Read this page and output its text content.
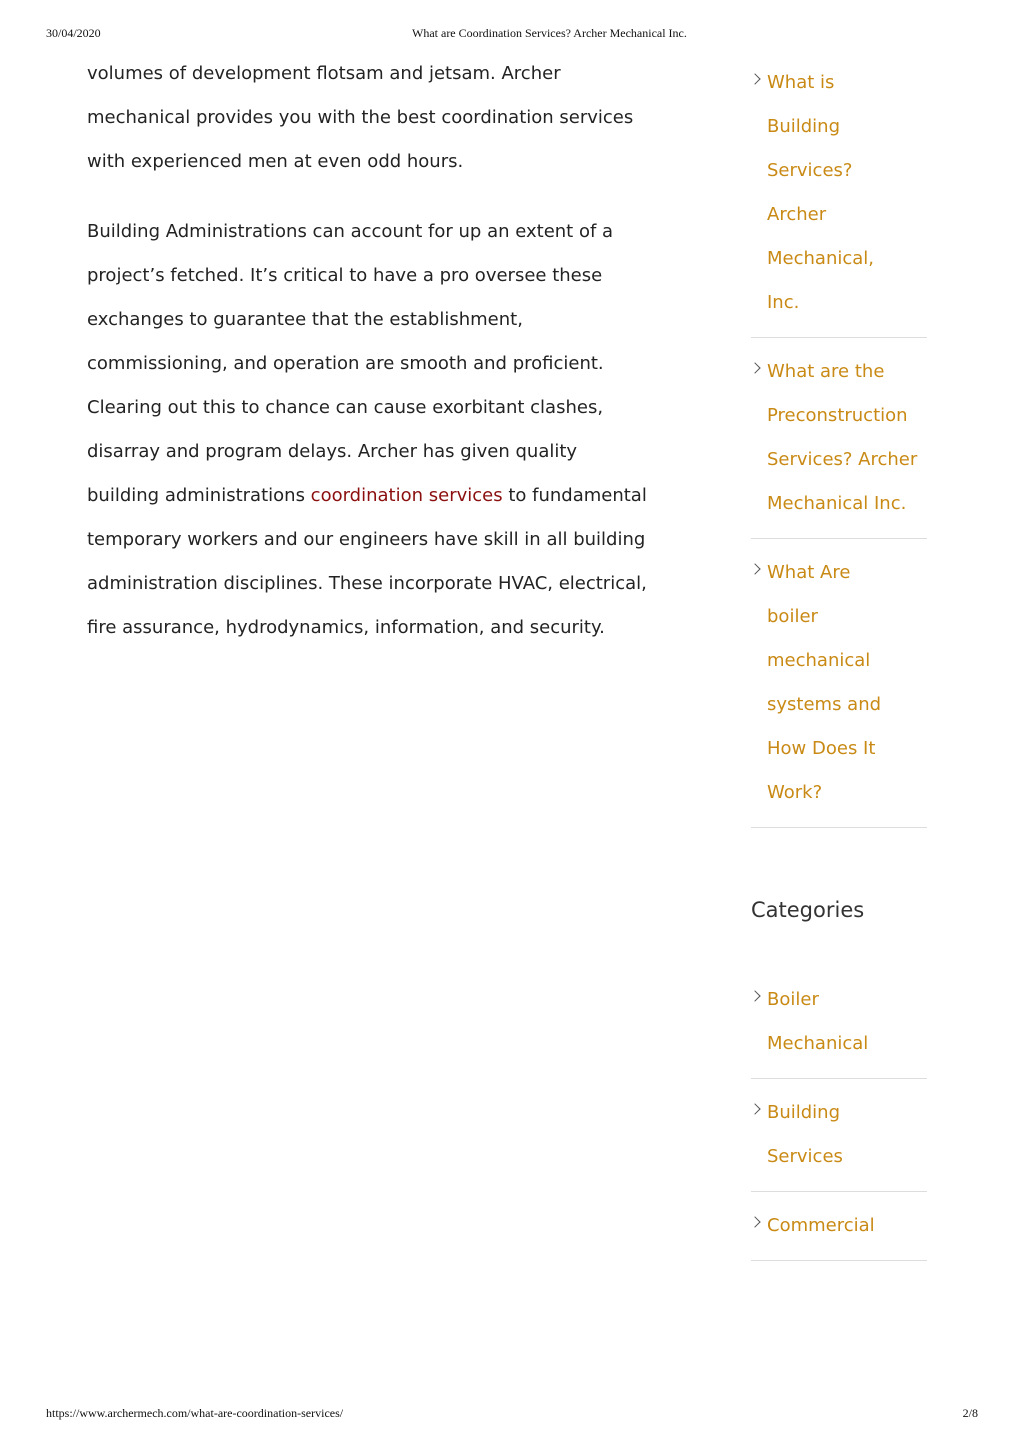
30/04/2020	What are Coordination Services? Archer Mechanical Inc.

volumes of development flotsam and jetsam. Archer mechanical provides you with the best coordination services with experienced men at even odd hours.

Building Administrations can account for up an extent of a project’s fetched. It’s critical to have a pro oversee these exchanges to guarantee that the establishment, commissioning, and operation are smooth and proficient. Clearing out this to chance can cause exorbitant clashes, disarray and program delays. Archer has given quality building administrations coordination services to fundamental temporary workers and our engineers have skill in all building administration disciplines. These incorporate HVAC, electrical, fire assurance, hydrodynamics, information, and security.

What is Building Services? Archer Mechanical, Inc.
What are the Preconstruction Services? Archer Mechanical Inc.
What Are boiler mechanical systems and How Does It Work?
Categories
Boiler Mechanical
Building Services
Commercial
https://www.archermech.com/what-are-coordination-services/	2/8
